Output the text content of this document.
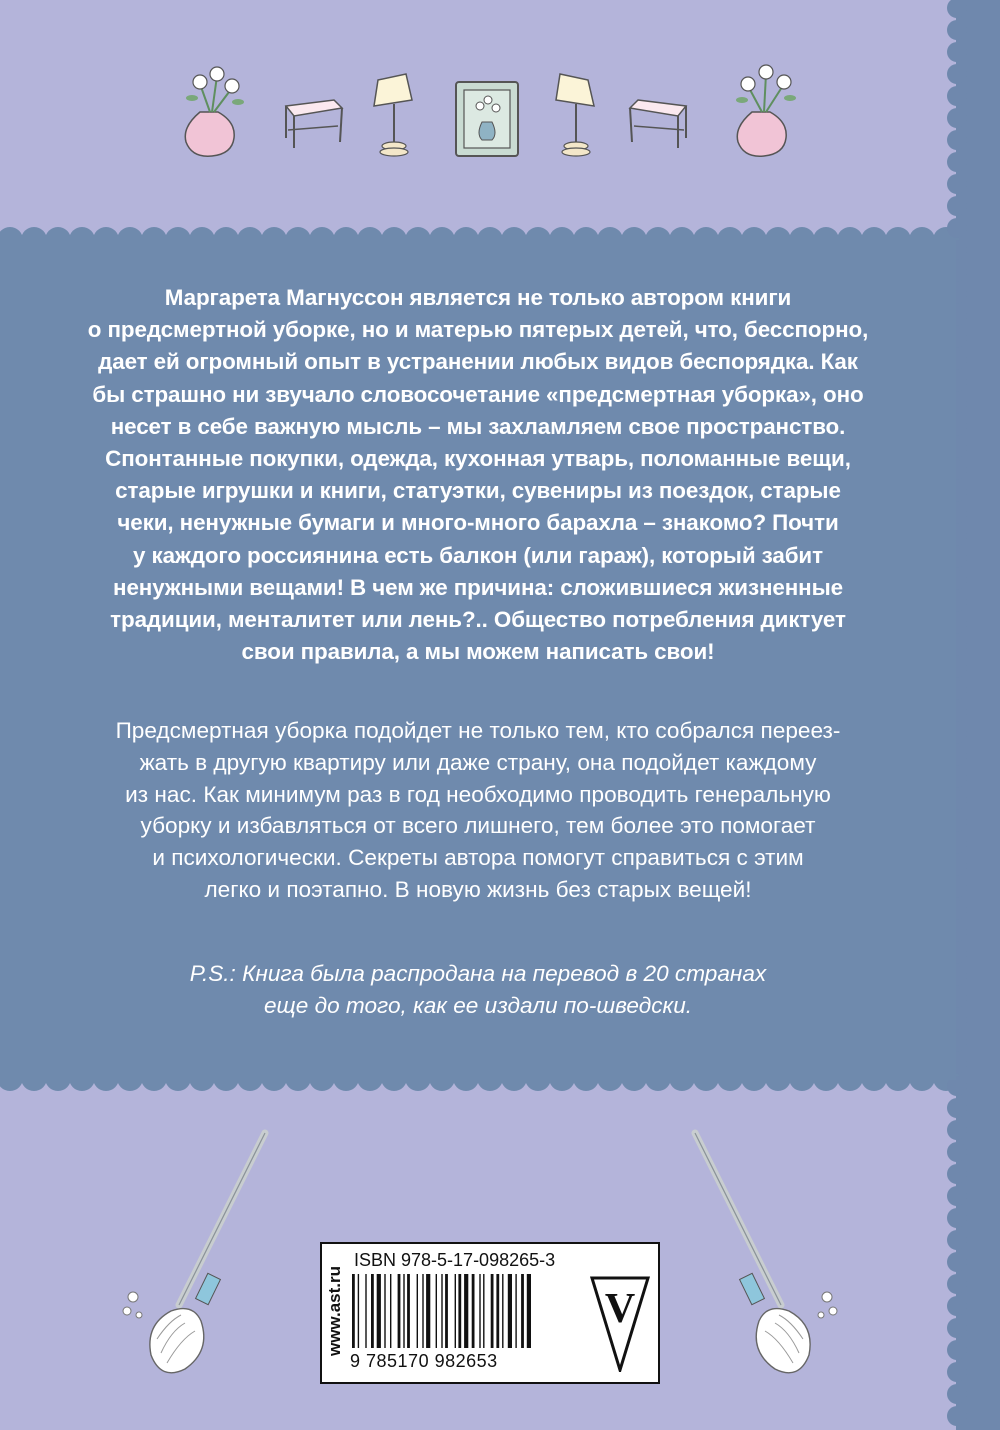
Маргарета Магнуссон является не только автором книги
о предсмертной уборке, но и матерью пятерых детей, что, бесспорно,
дает ей огромный опыт в устранении любых видов беспорядка. Как
бы страшно ни звучало словосочетание «предсмертная уборка», оно
несет в себе важную мысль – мы захламляем свое пространство.
Спонтанные покупки, одежда, кухонная утварь, поломанные вещи,
старые игрушки и книги, статуэтки, сувениры из поездок, старые
чеки, ненужные бумаги и много-много барахла – знакомо? Почти
у каждого россиянина есть балкон (или гараж), который забит
ненужными вещами! В чем же причина: сложившиеся жизненные
традиции, менталитет или лень?.. Общество потребления диктует
свои правила, а мы можем написать свои!
Предсмертная уборка подойдет не только тем, кто собрался переез-
жать в другую квартиру или даже страну, она подойдет каждому
из нас. Как минимум раз в год необходимо проводить генеральную
уборку и избавляться от всего лишнего, тем более это помогает
и психологически. Секреты автора помогут справиться с этим
легко и поэтапно. В новую жизнь без старых вещей!
P.S.: Книга была распродана на перевод в 20 странах
еще до того, как ее издали по-шведски.
www.ast.ru
ISBN 978-5-17-098265-3
9 785170 982653
V
